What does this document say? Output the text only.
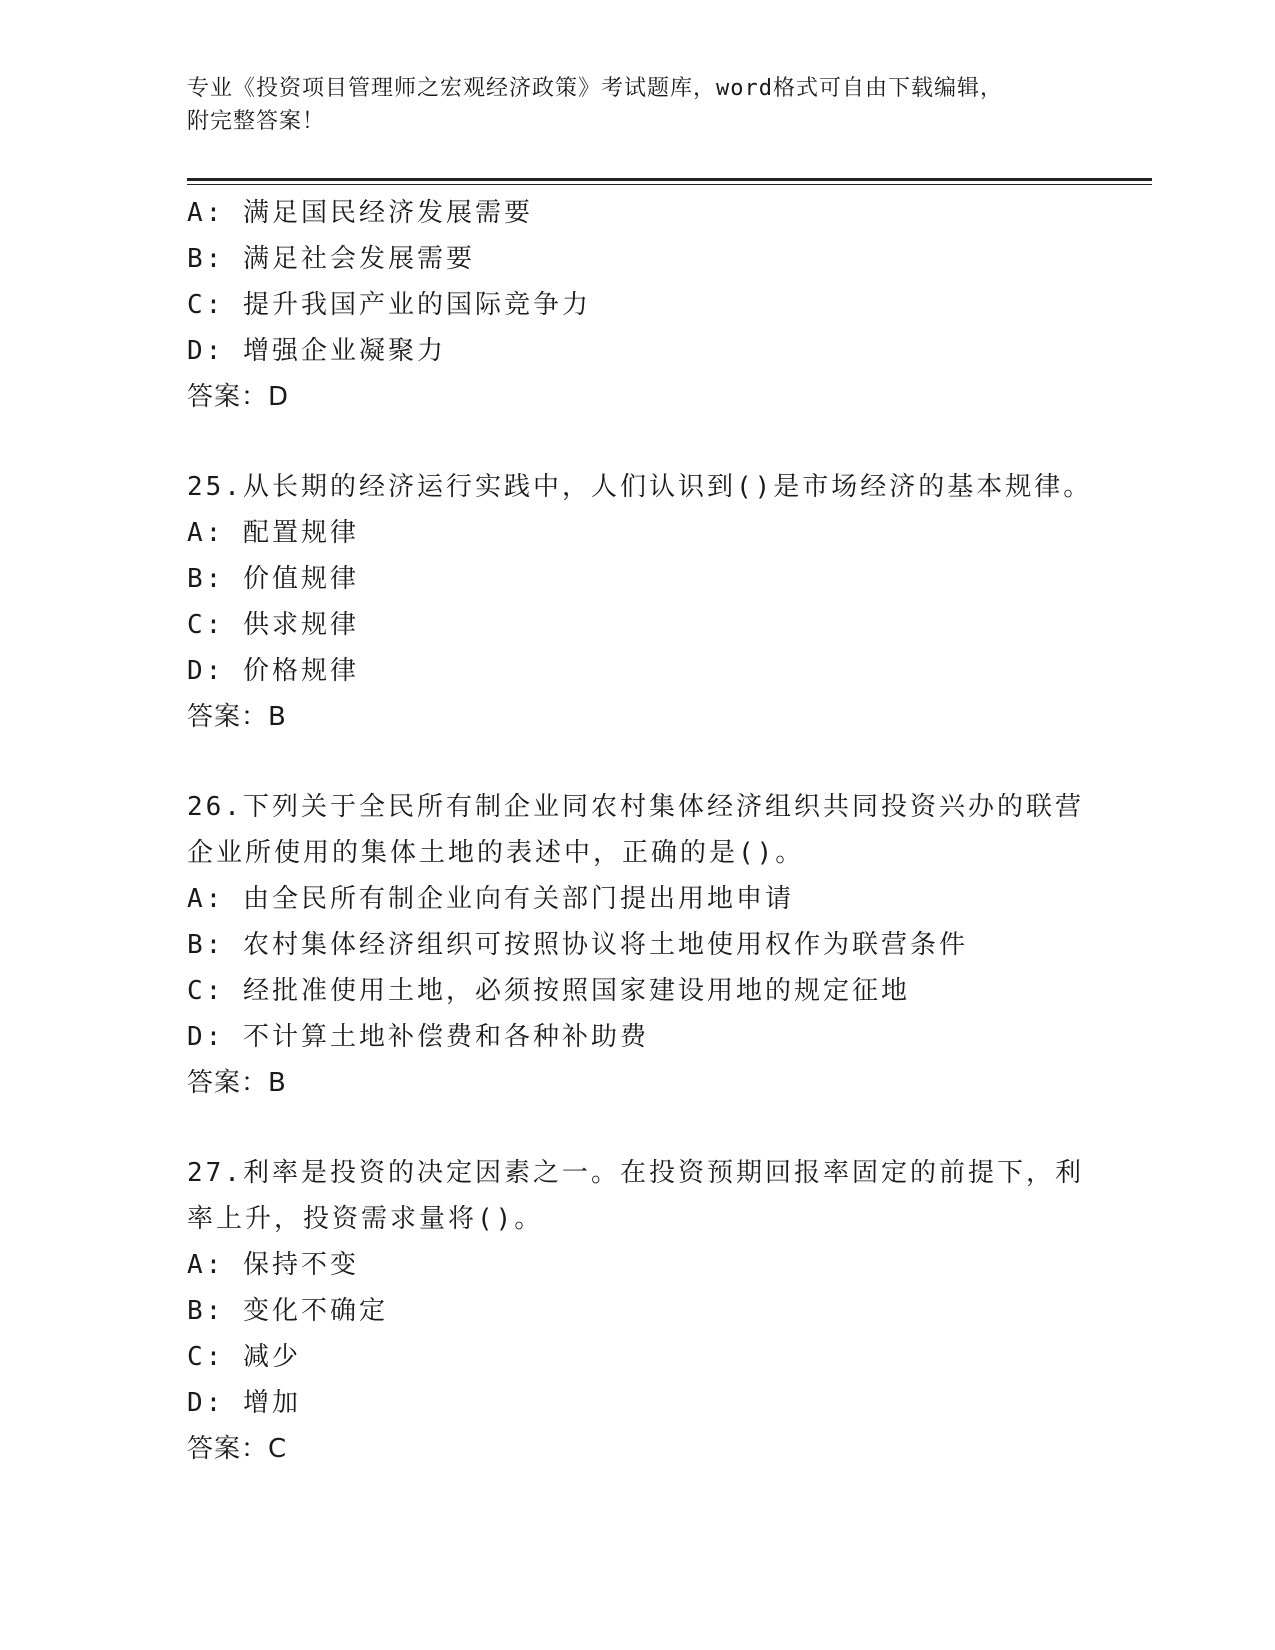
专业《投资项目管理师之宏观经济政策》考试题库，word格式可自由下载编辑，
附完整答案！
A: 满足国民经济发展需要
B: 满足社会发展需要
C: 提升我国产业的国际竞争力
D: 增强企业凝聚力
答案：D
25.从长期的经济运行实践中，人们认识到()是市场经济的基本规律。
A: 配置规律
B: 价值规律
C: 供求规律
D: 价格规律
答案：B
26.下列关于全民所有制企业同农村集体经济组织共同投资兴办的联营企业所使用的集体土地的表述中，正确的是()。
A: 由全民所有制企业向有关部门提出用地申请
B: 农村集体经济组织可按照协议将土地使用权作为联营条件
C: 经批准使用土地，必须按照国家建设用地的规定征地
D: 不计算土地补偿费和各种补助费
答案：B
27.利率是投资的决定因素之一。在投资预期回报率固定的前提下，利率上升，投资需求量将()。
A: 保持不变
B: 变化不确定
C: 减少
D: 增加
答案：C
